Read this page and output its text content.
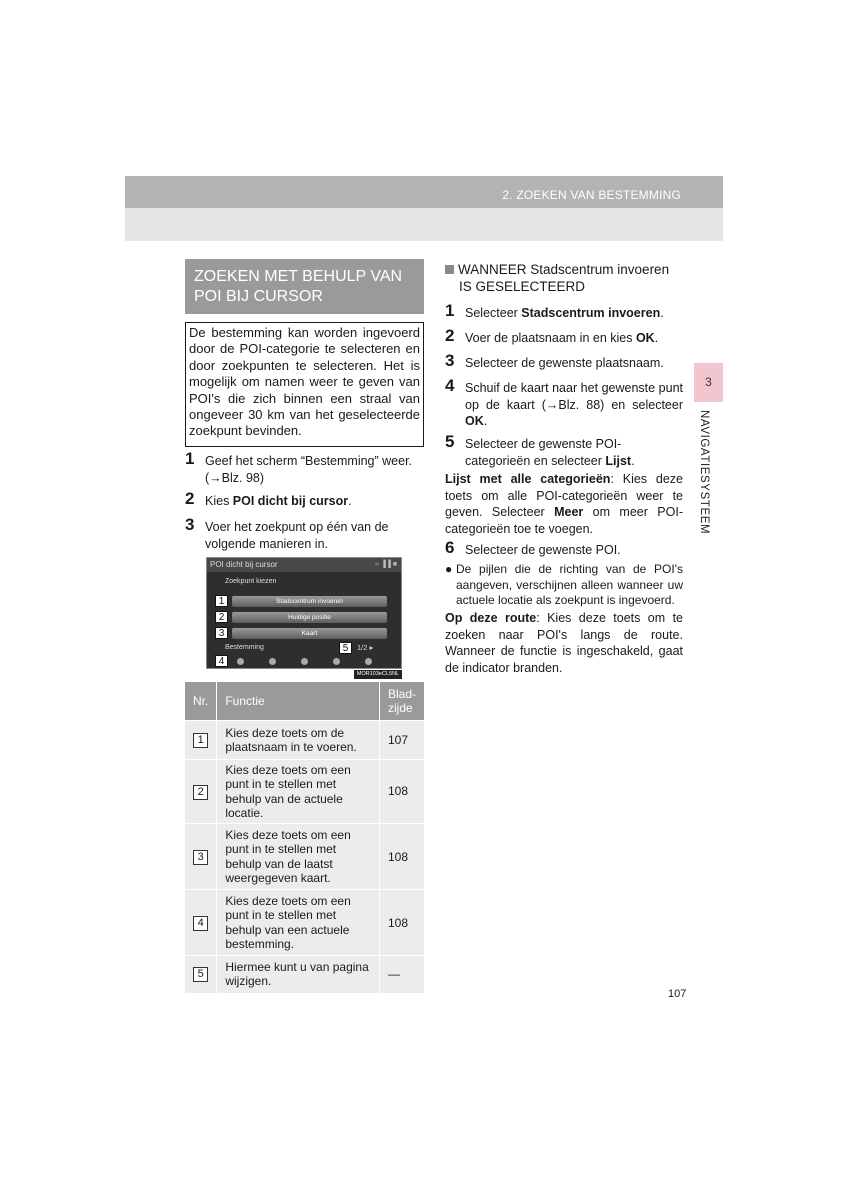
2. ZOEKEN VAN BESTEMMING
3
NAVIGATIESYSTEEM
ZOEKEN MET BEHULP VAN POI BIJ CURSOR
De bestemming kan worden ingevoerd door de POI-categorie te selecteren en door zoekpunten te selecteren. Het is mogelijk om namen weer te geven van POI's die zich binnen een straal van ongeveer 30 km van het geselecteerde zoekpunt bevinden.
1 Geef het scherm “Bestemming” weer. (→Blz. 98)
2 Kies POI dicht bij cursor.
3 Voer het zoekpunt op één van de volgende manieren in.
POI dicht bij cursor	≈ ▐▐ ■
Zoekpunt kiezen
Stadscentrum invoeren
Huidige positie
Kaart
1
2
3
4
5
Bestemming	1/2 ▸
MOR103eCL5NL
Nr.	Functie	Blad-zijde
1	Kies deze toets om de plaatsnaam in te voeren.	107
2	Kies deze toets om een punt in te stellen met behulp van de actuele locatie.	108
3	Kies deze toets om een punt in te stellen met behulp van de laatst weergegeven kaart.	108
4	Kies deze toets om een punt in te stellen met behulp van een actuele bestemming.	108
5	Hiermee kunt u van pagina wijzigen.	—
WANNEER Stadscentrum invoeren
IS GESELECTEERD
1 Selecteer Stadscentrum invoeren.
2 Voer de plaatsnaam in en kies OK.
3 Selecteer de gewenste plaatsnaam.
4 Schuif de kaart naar het gewenste punt op de kaart (→Blz. 88) en selecteer OK.
5 Selecteer de gewenste POI-categorieën en selecteer Lijst.
Lijst met alle categorieën: Kies deze toets om alle POI-categorieën weer te geven. Selecteer Meer om meer POI-categorieën toe te voegen.
6 Selecteer de gewenste POI.
● De pijlen die de richting van de POI's aangeven, verschijnen alleen wanneer uw actuele locatie als zoekpunt is ingevoerd.
Op deze route: Kies deze toets om te zoeken naar POI's langs de route. Wanneer de functie is ingeschakeld, gaat de indicator branden.
107
